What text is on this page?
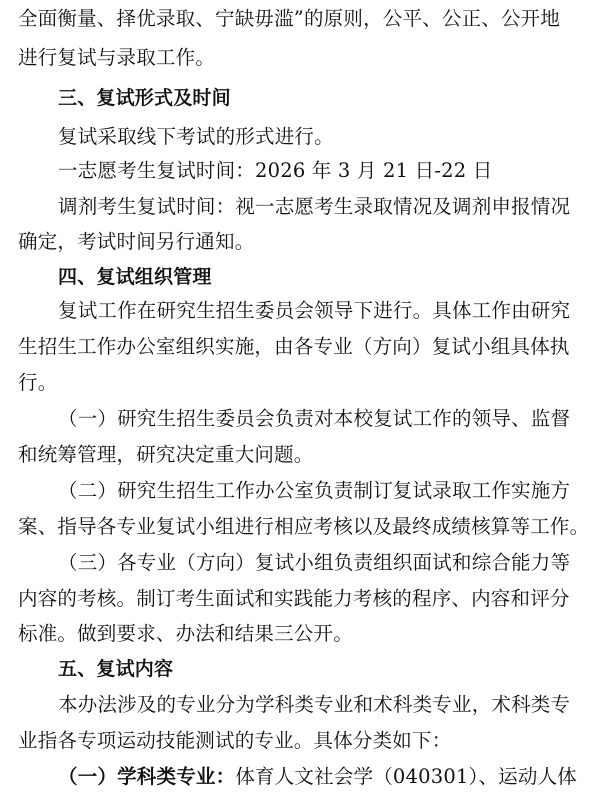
全面衡量、择优录取、宁缺毋滥”的原则，公平、公正、公开地
进行复试与录取工作。
三、复试形式及时间
复试采取线下考试的形式进行。
一志愿考生复试时间：2026 年 3 月 21 日-22 日
调剂考生复试时间：视一志愿考生录取情况及调剂申报情况
确定，考试时间另行通知。
四、复试组织管理
复试工作在研究生招生委员会领导下进行。具体工作由研究
生招生工作办公室组织实施，由各专业（方向）复试小组具体执
行。
（一）研究生招生委员会负责对本校复试工作的领导、监督
和统筹管理，研究决定重大问题。
（二）研究生招生工作办公室负责制订复试录取工作实施方
案、指导各专业复试小组进行相应考核以及最终成绩核算等工作。
（三）各专业（方向）复试小组负责组织面试和综合能力等
内容的考核。制订考生面试和实践能力考核的程序、内容和评分
标准。做到要求、办法和结果三公开。
五、复试内容
本办法涉及的专业分为学科类专业和术科类专业，术科类专
业指各专项运动技能测试的专业。具体分类如下：
（一）学科类专业：体育人文社会学（040301）、运动人体
